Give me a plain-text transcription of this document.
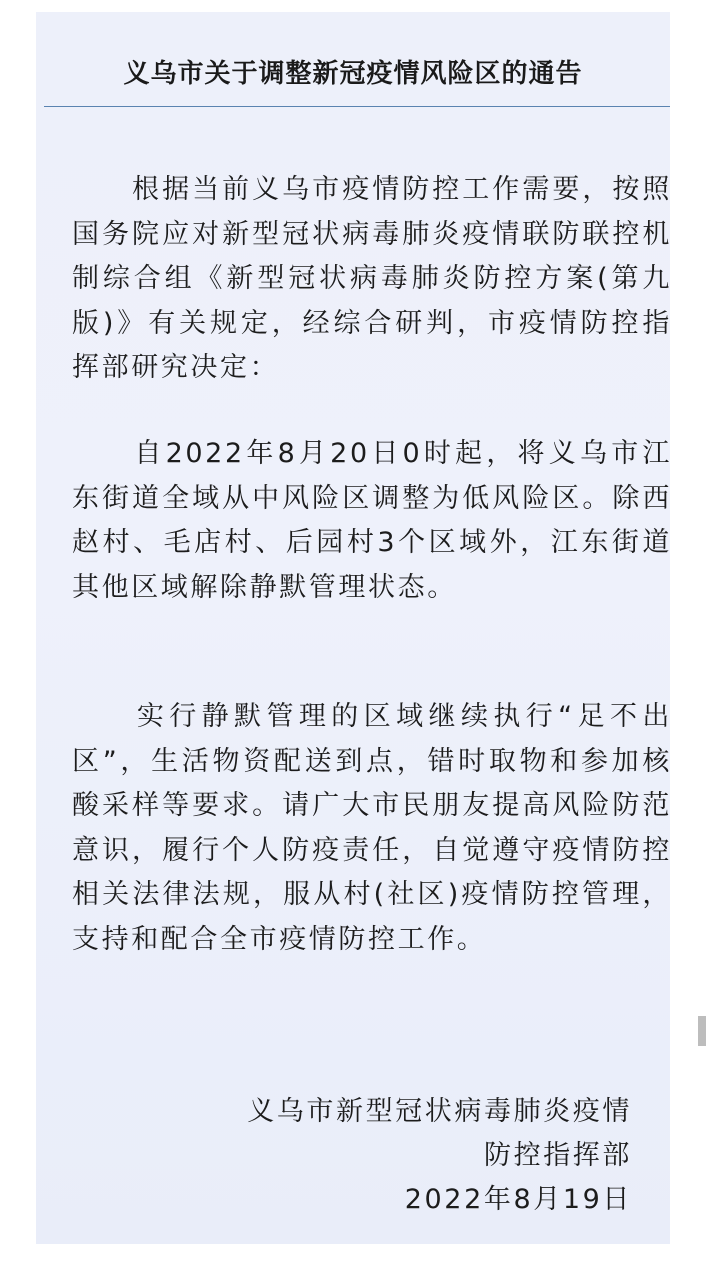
义乌市关于调整新冠疫情风险区的通告

　　根据当前义乌市疫情防控工作需要，按照国务院应对新型冠状病毒肺炎疫情联防联控机制综合组《新型冠状病毒肺炎防控方案(第九版)》有关规定，经综合研判，市疫情防控指挥部研究决定：

　　自2022年8月20日0时起，将义乌市江东街道全域从中风险区调整为低风险区。除西赵村、毛店村、后园村3个区域外，江东街道其他区域解除静默管理状态。

　　实行静默管理的区域继续执行“足不出区”，生活物资配送到点，错时取物和参加核酸采样等要求。请广大市民朋友提高风险防范意识，履行个人防疫责任，自觉遵守疫情防控相关法律法规，服从村(社区)疫情防控管理，支持和配合全市疫情防控工作。

义乌市新型冠状病毒肺炎疫情
防控指挥部
2022年8月19日
